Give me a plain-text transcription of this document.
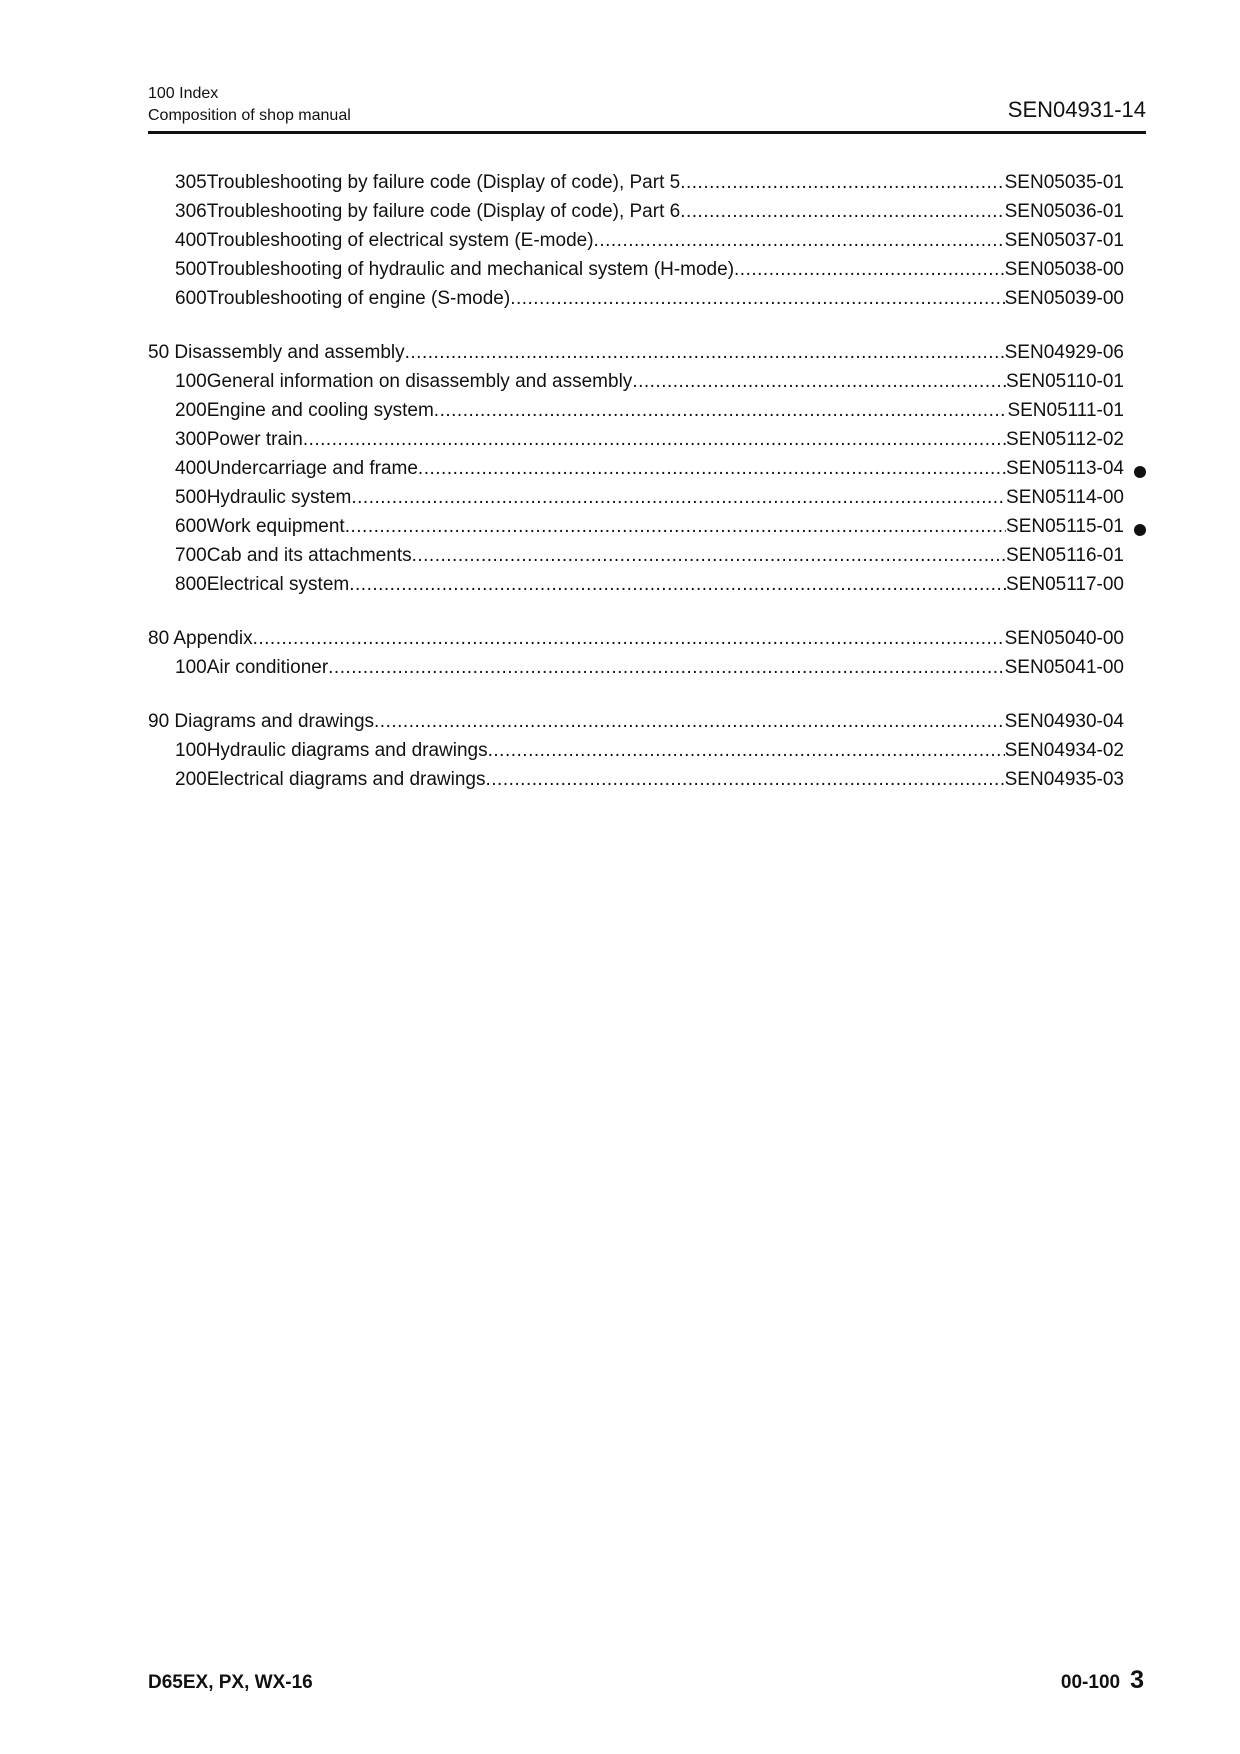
100 Index
Composition of shop manual	SEN04931-14
305 Troubleshooting by failure code (Display of code), Part 5 .....	SEN05035-01
306 Troubleshooting by failure code (Display of code), Part 6 .....	SEN05036-01
400 Troubleshooting of electrical system (E-mode) .....	SEN05037-01
500 Troubleshooting of hydraulic and mechanical system (H-mode) .....	SEN05038-00
600 Troubleshooting of engine (S-mode) .....	SEN05039-00
50 Disassembly and assembly .....	SEN04929-06
100 General information on disassembly and assembly .....	SEN05110-01
200 Engine and cooling system .....	SEN05111-01
300 Power train .....	SEN05112-02
400 Undercarriage and frame .....	SEN05113-04
500 Hydraulic system .....	SEN05114-00
600 Work equipment .....	SEN05115-01
700 Cab and its attachments .....	SEN05116-01
800 Electrical system .....	SEN05117-00
80 Appendix .....	SEN05040-00
100 Air conditioner .....	SEN05041-00
90 Diagrams and drawings .....	SEN04930-04
100 Hydraulic diagrams and drawings .....	SEN04934-02
200 Electrical diagrams and drawings .....	SEN04935-03
D65EX, PX, WX-16	00-100 3
